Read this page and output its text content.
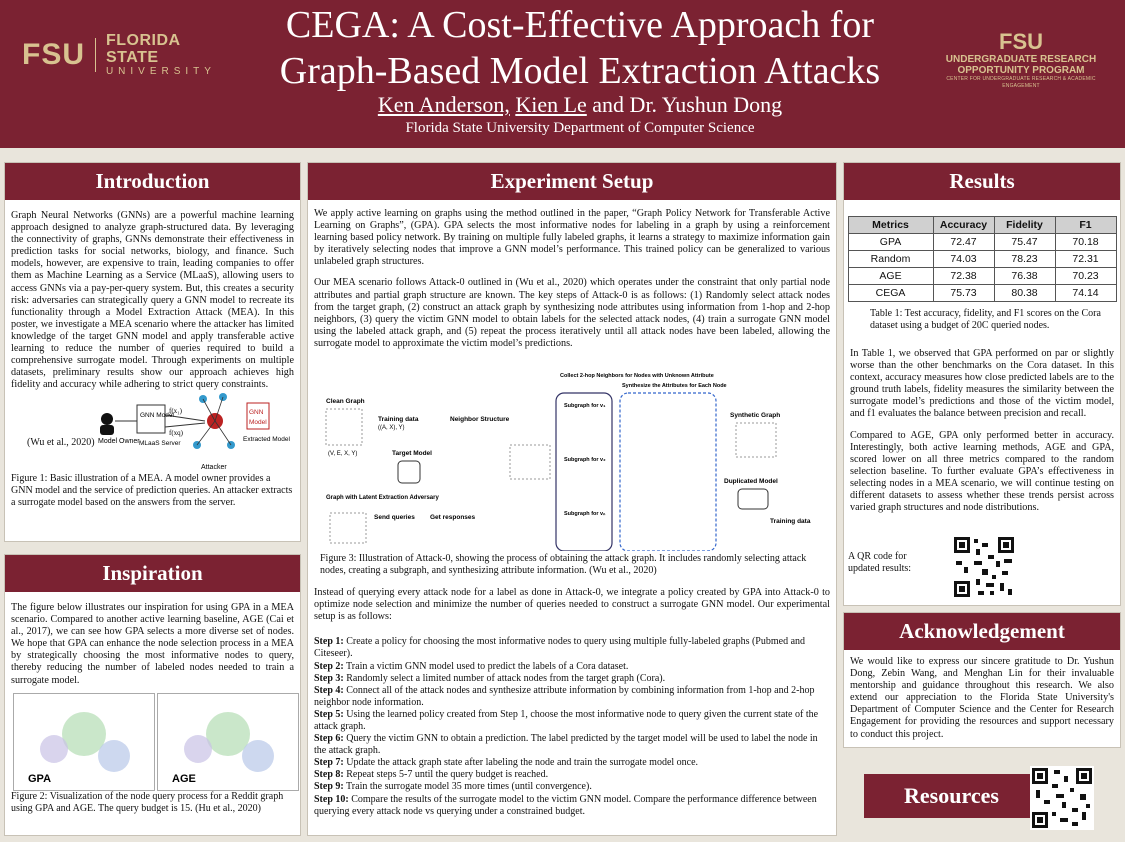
FSU FLORIDA STATE
UNIVERSITY
CEGA: A Cost-Effective Approach for
Graph-Based Model Extraction Attacks
Ken Anderson, Kien Le and Dr. Yushun Dong
Florida State University Department of Computer Science
FSU
UNDERGRADUATE RESEARCH
OPPORTUNITY PROGRAM
CENTER FOR UNDERGRADUATE RESEARCH & ACADEMIC ENGAGEMENT
Introduction
Graph Neural Networks (GNNs) are a powerful machine learning approach designed to analyze graph-structured data. By leveraging the connectivity of graphs, GNNs demonstrate their effectiveness in prediction tasks for social networks, biology, and finance. Such models, however, are expensive to train, leading companies to offer them as Machine Learning as a Service (MLaaS), allowing users to access GNNs via a pay-per-query system. But, this creates a security risk: adversaries can strategically query a GNN model to recreate its functionality through a Model Extraction Attack (MEA). In this poster, we investigate a MEA scenario where the attacker has limited knowledge of the target GNN model and apply transferable active learning to reduce the number of queries required to build a comprehensive surrogate model. Through experiments on multiple datasets, preliminary results show our approach achieves high fidelity and accuracy while adhering to strict query constraints.
(Wu et al., 2020) Model Owner
GNN Model
MLaaS Server
f(x₁)
f(xq)
Attacker
GNN
Model
Extracted Model
Figure 1: Basic illustration of a MEA. A model owner provides a GNN model and the service of prediction queries. An attacker extracts a surrogate model based on the answers from the server.
Inspiration
The figure below illustrates our inspiration for using GPA in a MEA scenario. Compared to another active learning baseline, AGE (Cai et al., 2017), we can see how GPA selects a more diverse set of nodes. We hope that GPA can enhance the node selection process in a MEA by strategically choosing the most informative nodes to query, thereby reducing the number of labeled nodes needed to train a surrogate model.
GPA	AGE
Figure 2: Visualization of the node query process for a Reddit graph using GPA and AGE. The query budget is 15. (Hu et al., 2020)
Experiment Setup

We apply active learning on graphs using the method outlined in the paper, “Graph Policy Network for Transferable Active Learning on Graphs”, (GPA). GPA selects the most informative nodes for labeling in a graph by using a reinforcement learning based policy network. By training on multiple fully labeled graphs, it learns a strategy to maximize information gain by iteratively selecting nodes that improve a GNN model’s performance. This trained policy can be generalized to various unlabeled graph structures.

Our MEA scenario follows Attack-0 outlined in (Wu et al., 2020) which operates under the constraint that only partial node attributes and partial graph structure are known. The key steps of Attack-0 is as follows: (1) Randomly select attack nodes from the target graph, (2) construct an attack graph by synthesizing node attributes using information from 1-hop and 2-hop neighbors, (3) query the victim GNN model to obtain labels for the selected attack nodes, (4) train a surrogate GNN model using the labeled attack graph, and (5) repeat the process iteratively until all attack nodes have been labeled, allowing the surrogate model to approximate the victim model’s predictions.

Clean Graph
(V, E, X, Y)
Training data
((A, X), Y)
Target Model
Neighbor Structure
Graph with Latent Extraction Adversary
Send queries Get responses
Collect 2-hop Neighbors for Nodes with Unknown Attribute
Subgraph for v₁
Subgraph for v₂
Subgraph for vₙ
Synthesize the Attributes for Each Node
Synthetic Graph
Duplicated Model
Training data
Figure 3: Illustration of Attack-0, showing the process of obtaining the attack graph. It includes randomly selecting attack nodes, creating a subgraph, and synthesizing attribute information. (Wu et al., 2020)

Instead of querying every attack node for a label as done in Attack-0, we integrate a policy created by GPA into Attack-0 to optimize node selection and minimize the number of queries needed to construct a surrogate GNN model. Our experimental setup is as follows:

Step 1: Create a policy for choosing the most informative nodes to query using multiple fully-labeled graphs (Pubmed and Citeseer).
Step 2: Train a victim GNN model used to predict the labels of a Cora dataset.
Step 3: Randomly select a limited number of attack nodes from the target graph (Cora).
Step 4: Connect all of the attack nodes and synthesize attribute information by combining information from 1-hop and 2-hop neighbor node information.
Step 5: Using the learned policy created from Step 1, choose the most informative node to query given the current state of the attack graph.
Step 6: Query the victim GNN to obtain a prediction. The label predicted by the target model will be used to label the node in the attack graph.
Step 7: Update the attack graph state after labeling the node and train the surrogate model once.
Step 8: Repeat steps 5-7 until the query budget is reached.
Step 9: Train the surrogate model 35 more times (until convergence).
Step 10: Compare the results of the surrogate model to the victim GNN model. Compare the performance difference between querying every attack node vs querying under a constrained budget.
Results
Metrics	Accuracy	Fidelity	F1
GPA	72.47	75.47	70.18
Random	74.03	78.23	72.31
AGE	72.38	76.38	70.23
CEGA	75.73	80.38	74.14
Table 1: Test accuracy, fidelity, and F1 scores on the Cora dataset using a budget of 20C queried nodes.

In Table 1, we observed that GPA performed on par or slightly worse than the other benchmarks on the Cora dataset. In this context, accuracy measures how close predicted labels are to the ground truth labels, fidelity measures the similarity between the surrogate model’s predictions and those of the victim model, and f1 evaluates the balance between precision and recall.

Compared to AGE, GPA only performed better in accuracy. Interestingly, both active learning methods, AGE and GPA, scored lower on all three metrics compared to the random selection baseline. To further evaluate GPA’s effectiveness in selecting nodes in a MEA scenario, we will continue testing on different datasets to assess whether these trends persist across varied graph structures and node distributions.

A QR code for updated results:
Acknowledgement
We would like to express our sincere gratitude to Dr. Yushun Dong, Zebin Wang, and Menghan Lin for their invaluable mentorship and guidance throughout this research. We also extend our appreciation to the Florida State University's Department of Computer Science and the Center for Research Engagement for providing the resources and support necessary to conduct this project.
Resources
